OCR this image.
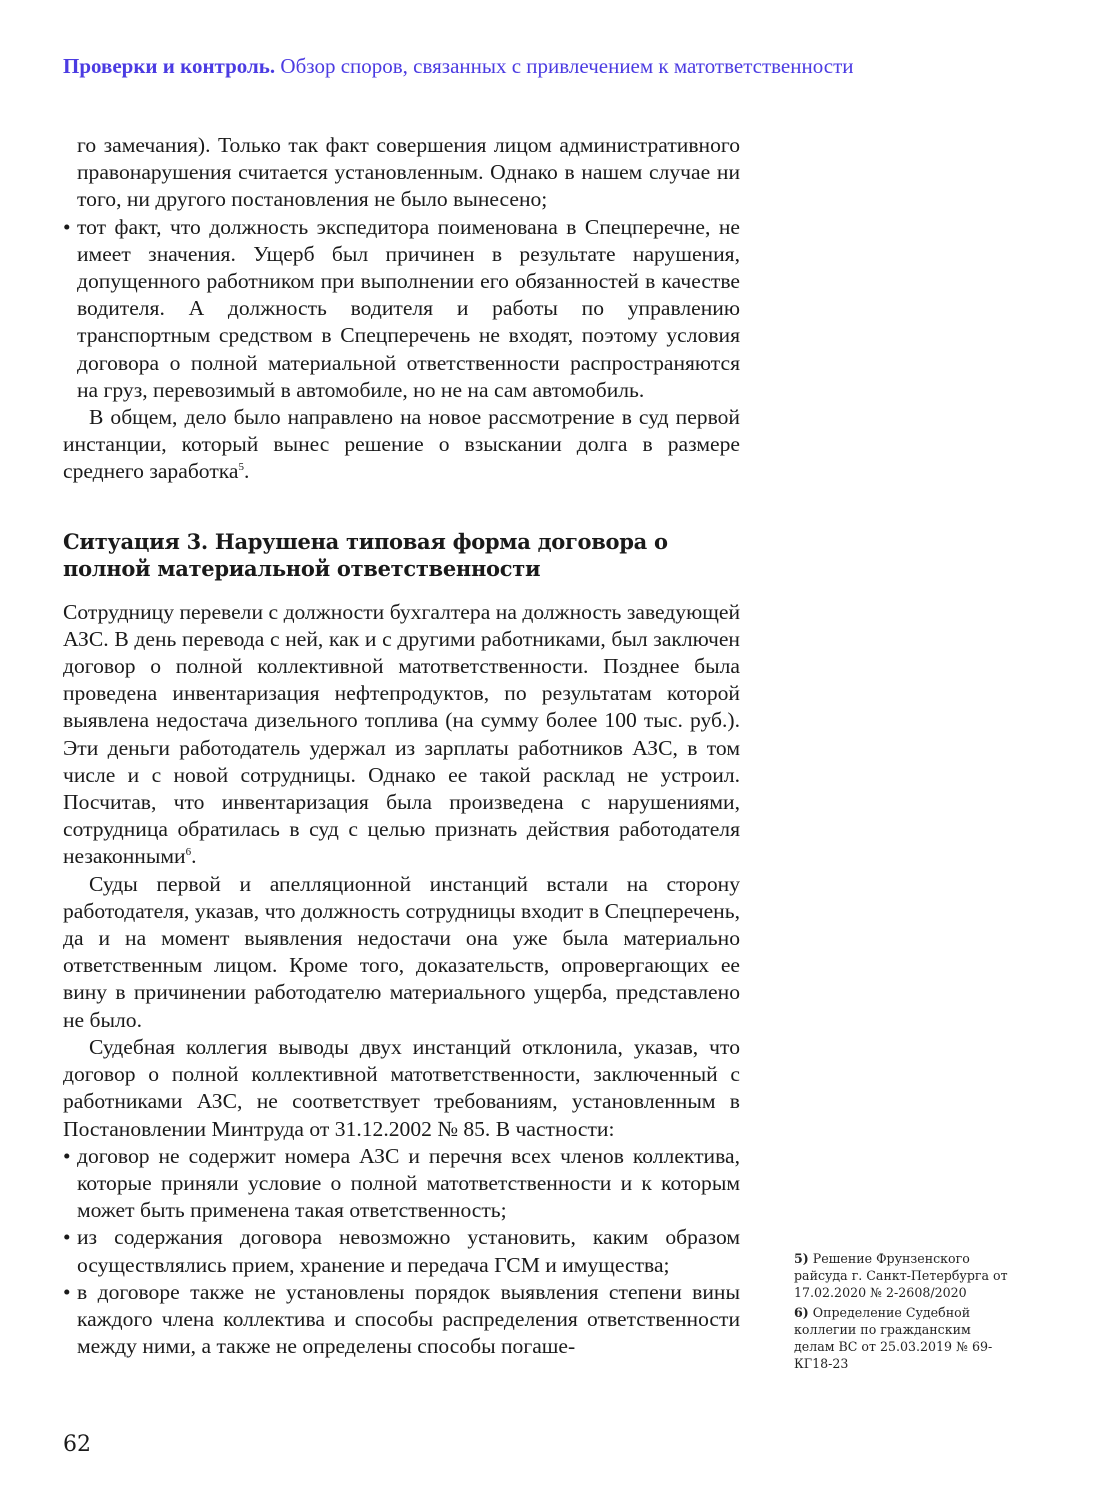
Проверки и контроль. Обзор споров, связанных с привлечением к матответственности

го замечания). Только так факт совершения лицом административного правонарушения считается установленным. Однако в нашем случае ни того, ни другого постановления не было вынесено;

• тот факт, что должность экспедитора поименована в Спецперечне, не имеет значения. Ущерб был причинен в результате нарушения, допущенного работником при выполнении его обязанностей в качестве водителя. А должность водителя и работы по управлению транспортным средством в Спецперечень не входят, поэтому условия договора о полной материальной ответственности распространяются на груз, перевозимый в автомобиле, но не на сам автомобиль.

В общем, дело было направлено на новое рассмотрение в суд первой инстанции, который вынес решение о взыскании долга в размере среднего заработка$^5$.

Ситуация 3. Нарушена типовая форма договора о полной материальной ответственности

Сотрудницу перевели с должности бухгалтера на должность заведующей АЗС. В день перевода с ней, как и с другими работниками, был заключен договор о полной коллективной матответственности. Позднее была проведена инвентаризация нефтепродуктов, по результатам которой выявлена недостача дизельного топлива (на сумму более 100 тыс. руб.). Эти деньги работодатель удержал из зарплаты работников АЗС, в том числе и с новой сотрудницы. Однако ее такой расклад не устроил. Посчитав, что инвентаризация была произведена с нарушениями, сотрудница обратилась в суд с целью признать действия работодателя незаконными$^6$.

Суды первой и апелляционной инстанций встали на сторону работодателя, указав, что должность сотрудницы входит в Спецперечень, да и на момент выявления недостачи она уже была материально ответственным лицом. Кроме того, доказательств, опровергающих ее вину в причинении работодателю материального ущерба, представлено не было.

Судебная коллегия выводы двух инстанций отклонила, указав, что договор о полной коллективной матответственности, заключенный с работниками АЗС, не соответствует требованиям, установленным в Постановлении Минтруда от 31.12.2002 № 85. В частности:

• договор не содержит номера АЗС и перечня всех членов коллектива, которые приняли условие о полной матответственности и к которым может быть применена такая ответственность;

• из содержания договора невозможно установить, каким образом осуществлялись прием, хранение и передача ГСМ и имущества;

• в договоре также не установлены порядок выявления степени вины каждого члена коллектива и способы распределения ответственности между ними, а также не определены способы погаше-

5) Решение Фрунзенского райсуда г. Санкт-Петербурга от 17.02.2020 № 2-2608/2020

6) Определение Судебной коллегии по гражданским делам ВС от 25.03.2019 № 69-КГ18-23

62
